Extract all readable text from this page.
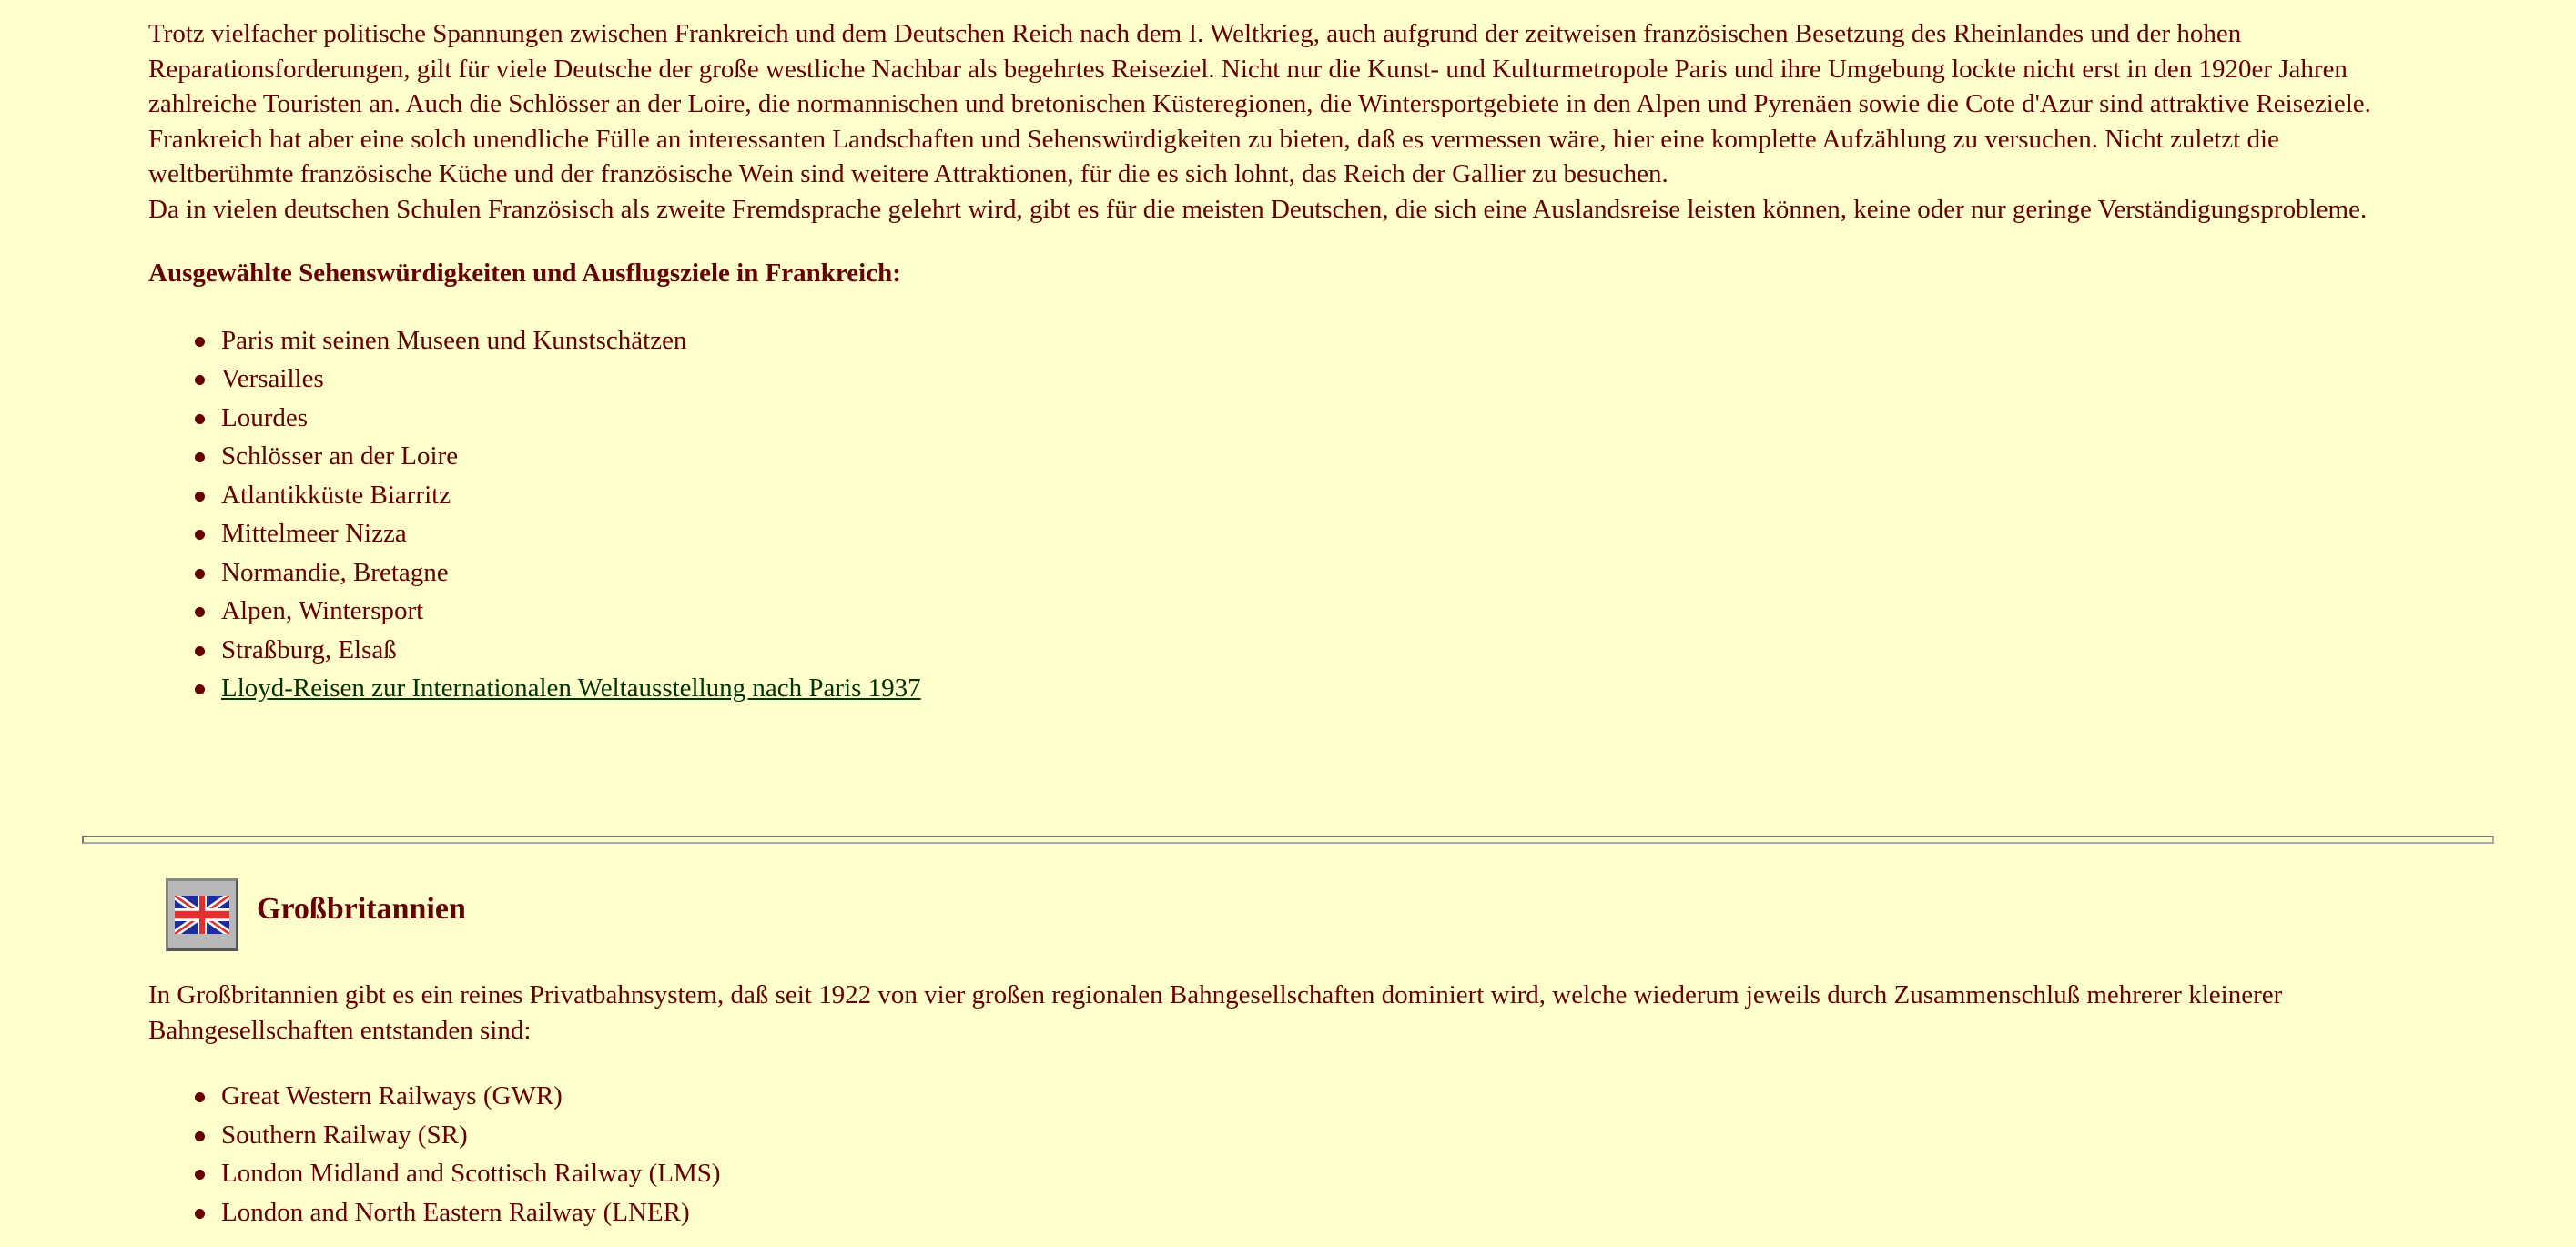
Trotz vielfacher politische Spannungen zwischen Frankreich und dem Deutschen Reich nach dem I. Weltkrieg, auch aufgrund der zeitweisen französischen Besetzung des Rheinlandes und der hohen Reparationsforderungen, gilt für viele Deutsche der große westliche Nachbar als begehrtes Reiseziel. Nicht nur die Kunst- und Kulturmetropole Paris und ihre Umgebung lockte nicht erst in den 1920er Jahren zahlreiche Touristen an. Auch die Schlösser an der Loire, die normannischen und bretonischen Küsteregionen, die Wintersportgebiete in den Alpen und Pyrenäen sowie die Cote d'Azur sind attraktive Reiseziele. Frankreich hat aber eine solch unendliche Fülle an interessanten Landschaften und Sehenswürdigkeiten zu bieten, daß es vermessen wäre, hier eine komplette Aufzählung zu versuchen. Nicht zuletzt die weltberühmte französische Küche und der französische Wein sind weitere Attraktionen, für die es sich lohnt, das Reich der Gallier zu besuchen.

Da in vielen deutschen Schulen Französisch als zweite Fremdsprache gelehrt wird, gibt es für die meisten Deutschen, die sich eine Auslandsreise leisten können, keine oder nur geringe Verständigungsprobleme.

Ausgewählte Sehenswürdigkeiten und Ausflugsziele in Frankreich:

Paris mit seinen Museen und Kunstschätzen
Versailles
Lourdes
Schlösser an der Loire
Atlantikküste Biarritz
Mittelmeer Nizza
Normandie, Bretagne
Alpen, Wintersport
Straßburg, Elsaß
Lloyd-Reisen zur Internationalen Weltausstellung nach Paris 1937
Großbritannien

In Großbritannien gibt es ein reines Privatbahnsystem, daß seit 1922 von vier großen regionalen Bahngesellschaften dominiert wird, welche wiederum jeweils durch Zusammenschluß mehrerer kleinerer Bahngesellschaften entstanden sind:

Great Western Railways (GWR)
Southern Railway (SR)
London Midland and Scottisch Railway (LMS)
London and North Eastern Railway (LNER)
